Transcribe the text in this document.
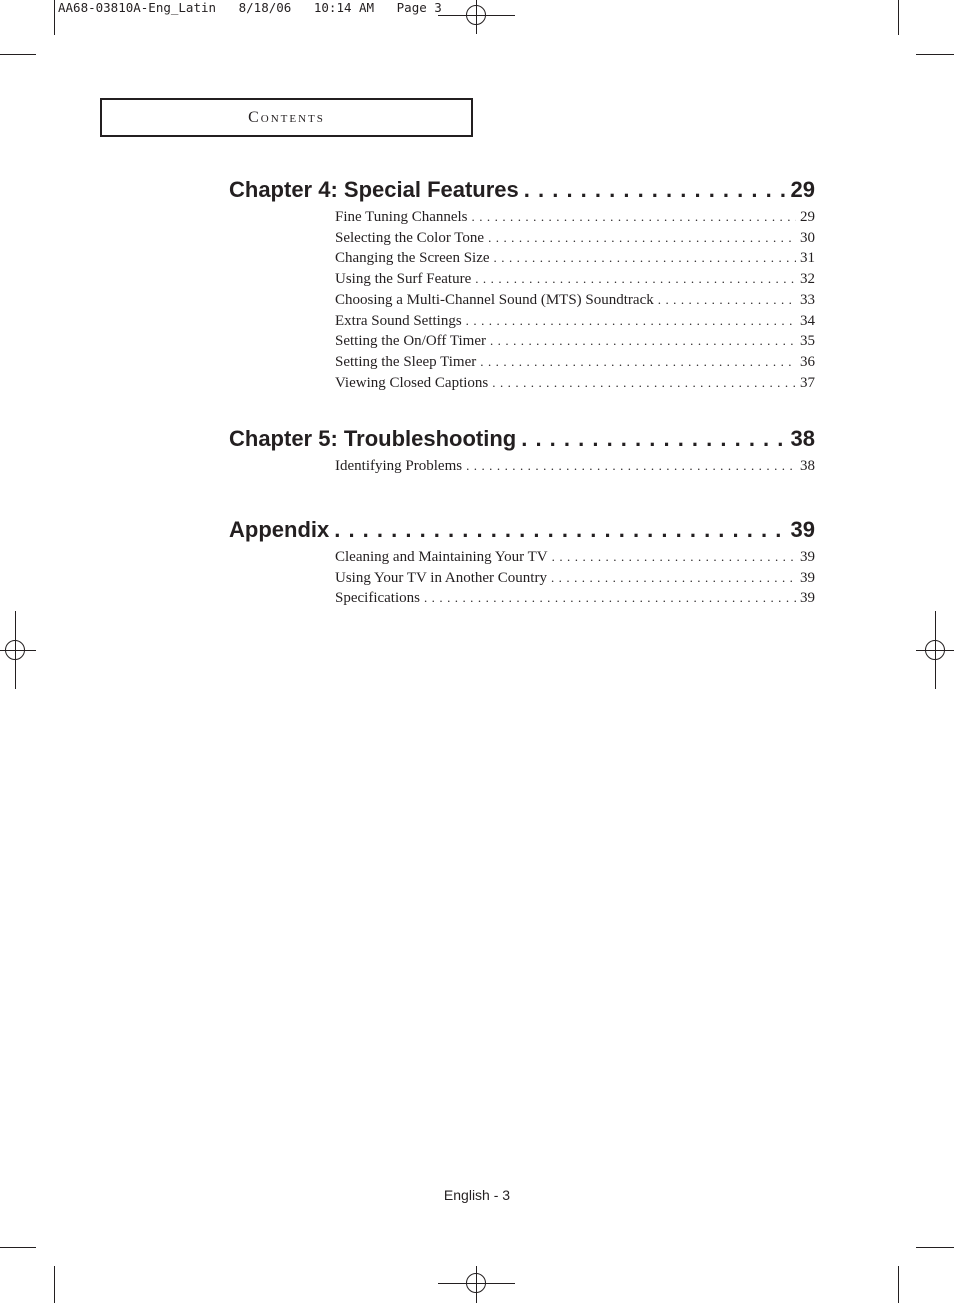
AA68-03810A-Eng_Latin   8/18/06   10:14 AM   Page 3
Contents
Chapter 4: Special Features . . .	29
Fine Tuning Channels . . .	29
Selecting the Color Tone . . .	30
Changing the Screen Size . . .	31
Using the Surf Feature . . .	32
Choosing a Multi-Channel Sound (MTS) Soundtrack . . .	33
Extra Sound Settings . . .	34
Setting the On/Off Timer . . .	35
Setting the Sleep Timer . . .	36
Viewing Closed Captions . . .	37
Chapter 5: Troubleshooting . . .	38
Identifying Problems . . .	38
Appendix . . .	39
Cleaning and Maintaining Your TV . . .	39
Using Your TV in Another Country . . .	39
Specifications . . .	39
English - 3
